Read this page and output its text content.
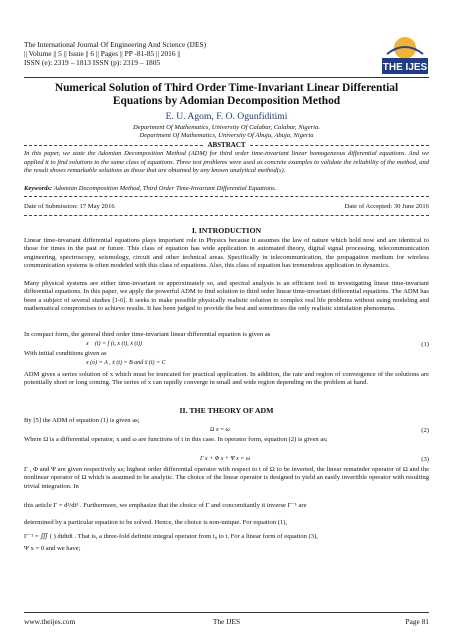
The International Journal Of Engineering And Science (IJES)
|| Volume || 5 || Issue || 6 || Pages || PP -81-85 || 2016 ||
ISSN (e): 2319 – 1813 ISSN (p): 2319 – 1805	THE IJES
Numerical Solution of Third Order Time-Invariant Linear Differential Equations by Adomian Decomposition Method
E. U. Agom, F. O. Ogunfiditimi
Department Of Mathematics, University Of Calabar, Calabar, Nigeria.
Department Of Mathematics, University Of Abuja, Abuja, Nigeria
ABSTRACT
In this paper, we state the Adomian Decomposition Method (ADM) for third order time-invariant linear homogeneous differential equations. And we applied it to find solutions to the same class of equations. Three test problems were used as concrete examples to validate the reliability of the method, and the result shows remarkable solutions as those that are obtained by any known analytical method(s).
Keywords: Adomian Decomposition Method, Third Order Time-Invariant Differential Equations.
Date of Submission: 17 May 2016	Date of Accepted: 30 June 2016
I. INTRODUCTION
Linear time-invariant differential equations plays important role in Physics because it assumes the law of nature which hold now and are identical to those for times in the past or future. This class of equation has wide application in automated theory, digital signal processing, telecommunication engineering, spectroscopy, seismology, circuit and other technical areas. Specifically in telecommunication, the propagation medium for wireless communication systems is often modeled with this class of equations. Also, this class of equation has tremendous application in dynamics.
Many physical systems are either time-invariant or approximately so, and spectral analysis is an efficient tool in investigating linear time-invariant differential equations. In this paper, we apply the powerful ADM to find solution to third order linear time-invariant differential equations. The ADM has been a subject of several studies [1-6]. It seeks to make possible physically realistic solution to complex real life problems without using modeling and mathematical compromises to achieve results. It has been judged to provide the best and sometimes the only realistic simulation phenomena.
In compact form, the general third order time-invariant linear differential equation is given as
x⃛ (t) = f (t, x (t), ẋ (t))	(1)
With initial conditions given as
x (o) = A , ẋ (t) = B and ẍ (t) = C
ADM gives a series solution of x which must be truncated for practical application. In addition, the rate and region of convergence of the solutions are potentially short or long coming. The series of x can rapidly converge in small and wide region depending on the problem at hand.
II. THE THEORY OF ADM
By [5] the ADM of equation (1) is given as;
Ω x = ω	(2)
Where Ω is a differential operator, x and ω are functions of t in this case. In operator form, equation (2) is given as;
Γ x + Φ x + Ψ x = ω	(3)
Γ , Φ and Ψ are given respectively as; highest order differential operator with respect to t of Ω to be inverted, the linear remainder operator of Ω and the nonlinear operator of Ω which is assumed to be analytic. The choice of the linear operator is designed to yield an easily invertible operator with resulting trivial integration. In
this article Γ = d³/dt³ . Furthermore, we emphasize that the choice of Γ and concomitantly it inverse Γ⁻¹ are
determined by a particular equation to be solved. Hence, the choice is non-unique. For equation (1),
Γ⁻¹ = ∭ ( ) dtdtdt . That is, a three-fold definite integral operator from t₀ to t. For a linear form of equation (3),
Ψ x = 0 and we have;
www.theijes.com	The IJES	Page 81
